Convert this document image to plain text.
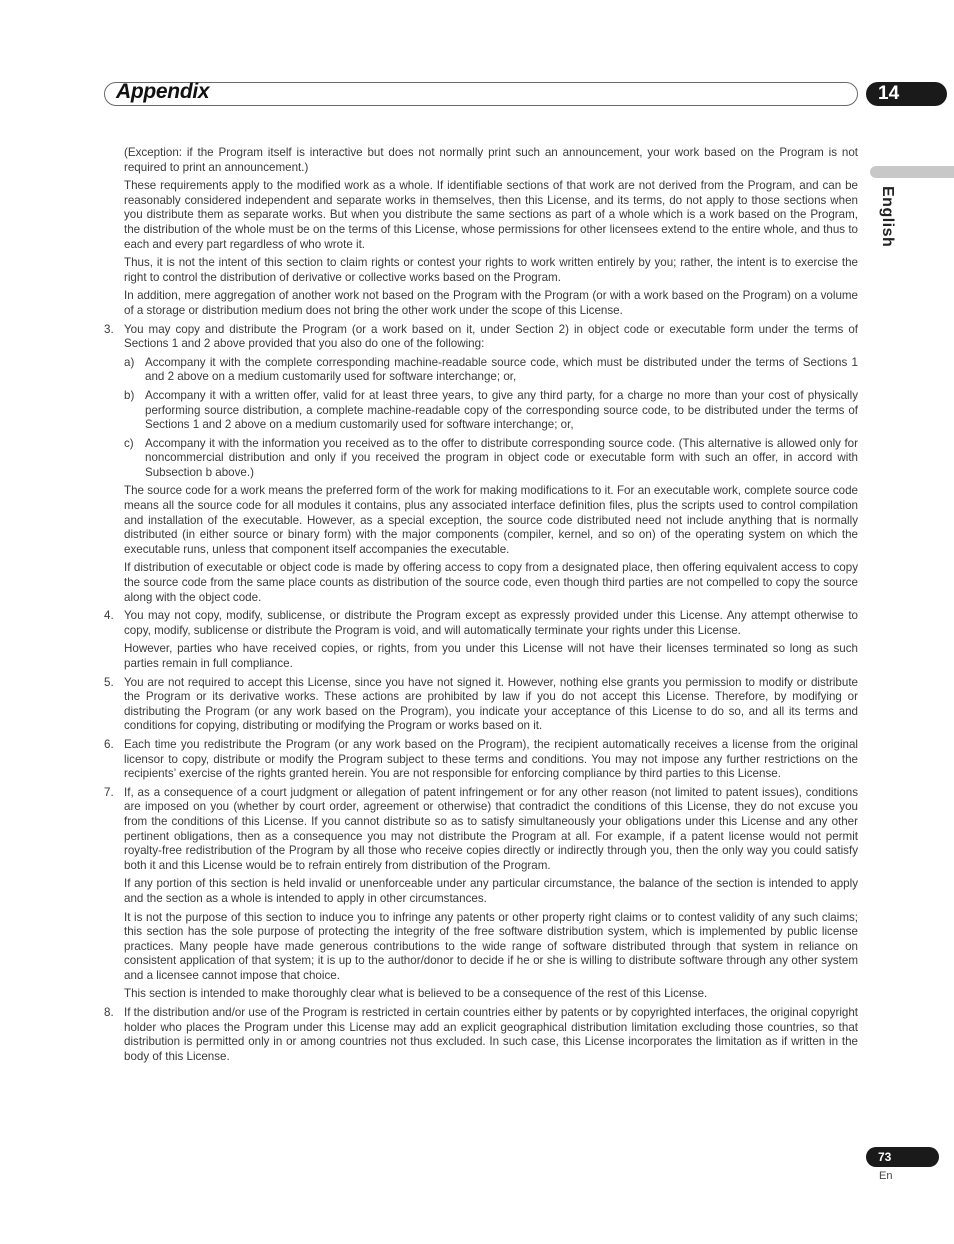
Appendix	14
English

(Exception: if the Program itself is interactive but does not normally print such an announcement, your work based on the Program is not required to print an announcement.)

These requirements apply to the modified work as a whole. If identifiable sections of that work are not derived from the Program, and can be reasonably considered independent and separate works in themselves, then this License, and its terms, do not apply to those sections when you distribute them as separate works. But when you distribute the same sections as part of a whole which is a work based on the Program, the distribution of the whole must be on the terms of this License, whose permissions for other licensees extend to the entire whole, and thus to each and every part regardless of who wrote it.

Thus, it is not the intent of this section to claim rights or contest your rights to work written entirely by you; rather, the intent is to exercise the right to control the distribution of derivative or collective works based on the Program.

In addition, mere aggregation of another work not based on the Program with the Program (or with a work based on the Program) on a volume of a storage or distribution medium does not bring the other work under the scope of this License.

3. You may copy and distribute the Program (or a work based on it, under Section 2) in object code or executable form under the terms of Sections 1 and 2 above provided that you also do one of the following:
a) Accompany it with the complete corresponding machine-readable source code, which must be distributed under the terms of Sections 1 and 2 above on a medium customarily used for software interchange; or,
b) Accompany it with a written offer, valid for at least three years, to give any third party, for a charge no more than your cost of physically performing source distribution, a complete machine-readable copy of the corresponding source code, to be distributed under the terms of Sections 1 and 2 above on a medium customarily used for software interchange; or,
c) Accompany it with the information you received as to the offer to distribute corresponding source code. (This alternative is allowed only for noncommercial distribution and only if you received the program in object code or executable form with such an offer, in accord with Subsection b above.)

The source code for a work means the preferred form of the work for making modifications to it. For an executable work, complete source code means all the source code for all modules it contains, plus any associated interface definition files, plus the scripts used to control compilation and installation of the executable. However, as a special exception, the source code distributed need not include anything that is normally distributed (in either source or binary form) with the major components (compiler, kernel, and so on) of the operating system on which the executable runs, unless that component itself accompanies the executable.

If distribution of executable or object code is made by offering access to copy from a designated place, then offering equivalent access to copy the source code from the same place counts as distribution of the source code, even though third parties are not compelled to copy the source along with the object code.

4. You may not copy, modify, sublicense, or distribute the Program except as expressly provided under this License. Any attempt otherwise to copy, modify, sublicense or distribute the Program is void, and will automatically terminate your rights under this License.

However, parties who have received copies, or rights, from you under this License will not have their licenses terminated so long as such parties remain in full compliance.

5. You are not required to accept this License, since you have not signed it. However, nothing else grants you permission to modify or distribute the Program or its derivative works. These actions are prohibited by law if you do not accept this License. Therefore, by modifying or distributing the Program (or any work based on the Program), you indicate your acceptance of this License to do so, and all its terms and conditions for copying, distributing or modifying the Program or works based on it.
6. Each time you redistribute the Program (or any work based on the Program), the recipient automatically receives a license from the original licensor to copy, distribute or modify the Program subject to these terms and conditions. You may not impose any further restrictions on the recipients’ exercise of the rights granted herein. You are not responsible for enforcing compliance by third parties to this License.
7. If, as a consequence of a court judgment or allegation of patent infringement or for any other reason (not limited to patent issues), conditions are imposed on you (whether by court order, agreement or otherwise) that contradict the conditions of this License, they do not excuse you from the conditions of this License. If you cannot distribute so as to satisfy simultaneously your obligations under this License and any other pertinent obligations, then as a consequence you may not distribute the Program at all. For example, if a patent license would not permit royalty-free redistribution of the Program by all those who receive copies directly or indirectly through you, then the only way you could satisfy both it and this License would be to refrain entirely from distribution of the Program.

If any portion of this section is held invalid or unenforceable under any particular circumstance, the balance of the section is intended to apply and the section as a whole is intended to apply in other circumstances.

It is not the purpose of this section to induce you to infringe any patents or other property right claims or to contest validity of any such claims; this section has the sole purpose of protecting the integrity of the free software distribution system, which is implemented by public license practices. Many people have made generous contributions to the wide range of software distributed through that system in reliance on consistent application of that system; it is up to the author/donor to decide if he or she is willing to distribute software through any other system and a licensee cannot impose that choice.

This section is intended to make thoroughly clear what is believed to be a consequence of the rest of this License.

8. If the distribution and/or use of the Program is restricted in certain countries either by patents or by copyrighted interfaces, the original copyright holder who places the Program under this License may add an explicit geographical distribution limitation excluding those countries, so that distribution is permitted only in or among countries not thus excluded. In such case, this License incorporates the limitation as if written in the body of this License.
73
En
